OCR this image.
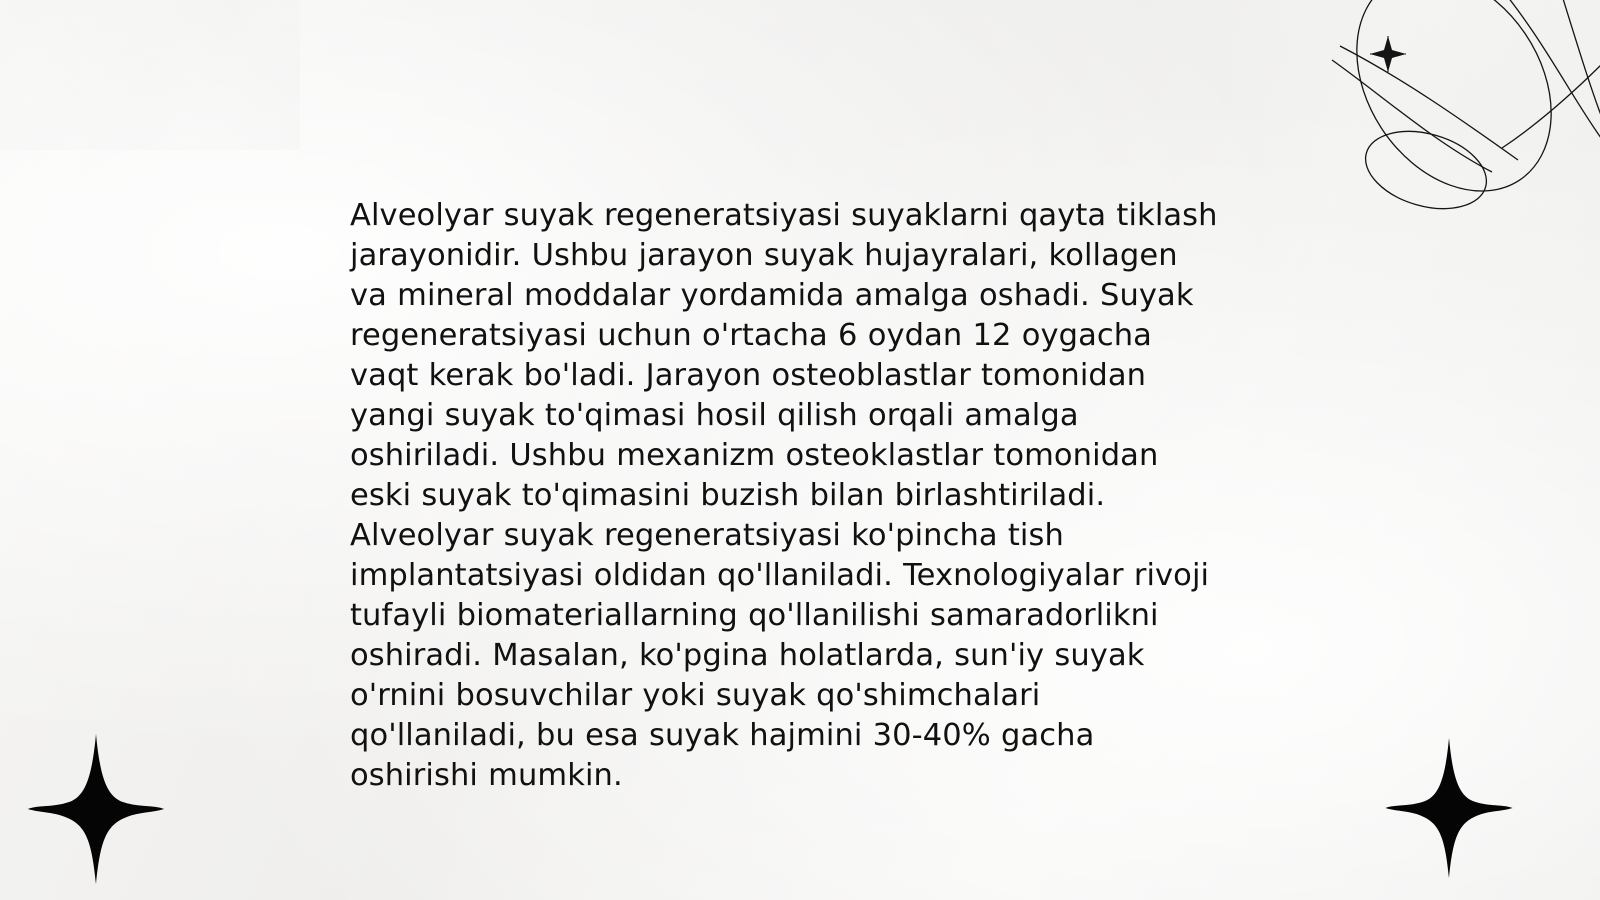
Alveolyar suyak regeneratsiyasi suyaklarni qayta tiklash jarayonidir. Ushbu jarayon suyak hujayralari, kollagen va mineral moddalar yordamida amalga oshadi. Suyak regeneratsiyasi uchun o'rtacha 6 oydan 12 oygacha vaqt kerak bo'ladi. Jarayon osteoblastlar tomonidan yangi suyak to'qimasi hosil qilish orqali amalga oshiriladi. Ushbu mexanizm osteoklastlar tomonidan eski suyak to'qimasini buzish bilan birlashtiriladi. Alveolyar suyak regeneratsiyasi ko'pincha tish implantatsiyasi oldidan qo'llaniladi. Texnologiyalar rivoji tufayli biomateriallarning qo'llanilishi samaradorlikni oshiradi. Masalan, ko'pgina holatlarda, sun'iy suyak o'rnini bosuvchilar yoki suyak qo'shimchalari qo'llaniladi, bu esa suyak hajmini 30-40% gacha oshirishi mumkin.
